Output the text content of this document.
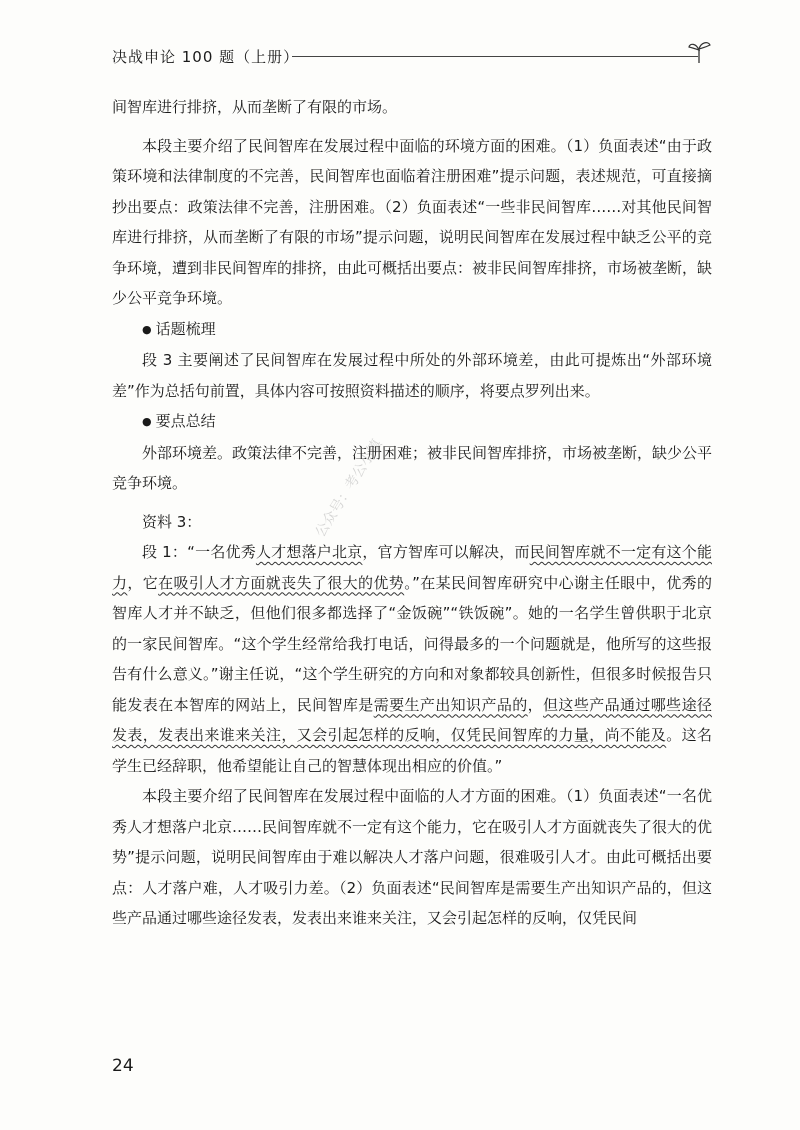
决战申论 100 题（上册）
公众号：考公小镇

间智库进行排挤，从而垄断了有限的市场。

本段主要介绍了民间智库在发展过程中面临的环境方面的困难。（1）负面表述“由于政策环境和法律制度的不完善，民间智库也面临着注册困难”提示问题，表述规范，可直接摘抄出要点：政策法律不完善，注册困难。（2）负面表述“一些非民间智库……对其他民间智库进行排挤，从而垄断了有限的市场”提示问题，说明民间智库在发展过程中缺乏公平的竞争环境，遭到非民间智库的排挤，由此可概括出要点：被非民间智库排挤，市场被垄断，缺少公平竞争环境。

● 话题梳理

段 3 主要阐述了民间智库在发展过程中所处的外部环境差，由此可提炼出“外部环境差”作为总括句前置，具体内容可按照资料描述的顺序，将要点罗列出来。

● 要点总结

外部环境差。政策法律不完善，注册困难；被非民间智库排挤，市场被垄断，缺少公平竞争环境。

资料 3：

段 1：“一名优秀人才想落户北京，官方智库可以解决，而民间智库就不一定有这个能力，它在吸引人才方面就丧失了很大的优势。”在某民间智库研究中心谢主任眼中，优秀的智库人才并不缺乏，但他们很多都选择了“金饭碗”“铁饭碗”。她的一名学生曾供职于北京的一家民间智库。“这个学生经常给我打电话，问得最多的一个问题就是，他所写的这些报告有什么意义。”谢主任说，“这个学生研究的方向和对象都较具创新性，但很多时候报告只能发表在本智库的网站上，民间智库是需要生产出知识产品的，但这些产品通过哪些途径发表，发表出来谁来关注，又会引起怎样的反响，仅凭民间智库的力量，尚不能及。这名学生已经辞职，他希望能让自己的智慧体现出相应的价值。”

本段主要介绍了民间智库在发展过程中面临的人才方面的困难。（1）负面表述“一名优秀人才想落户北京……民间智库就不一定有这个能力，它在吸引人才方面就丧失了很大的优势”提示问题，说明民间智库由于难以解决人才落户问题，很难吸引人才。由此可概括出要点：人才落户难，人才吸引力差。（2）负面表述“民间智库是需要生产出知识产品的，但这些产品通过哪些途径发表，发表出来谁来关注，又会引起怎样的反响，仅凭民间

24
